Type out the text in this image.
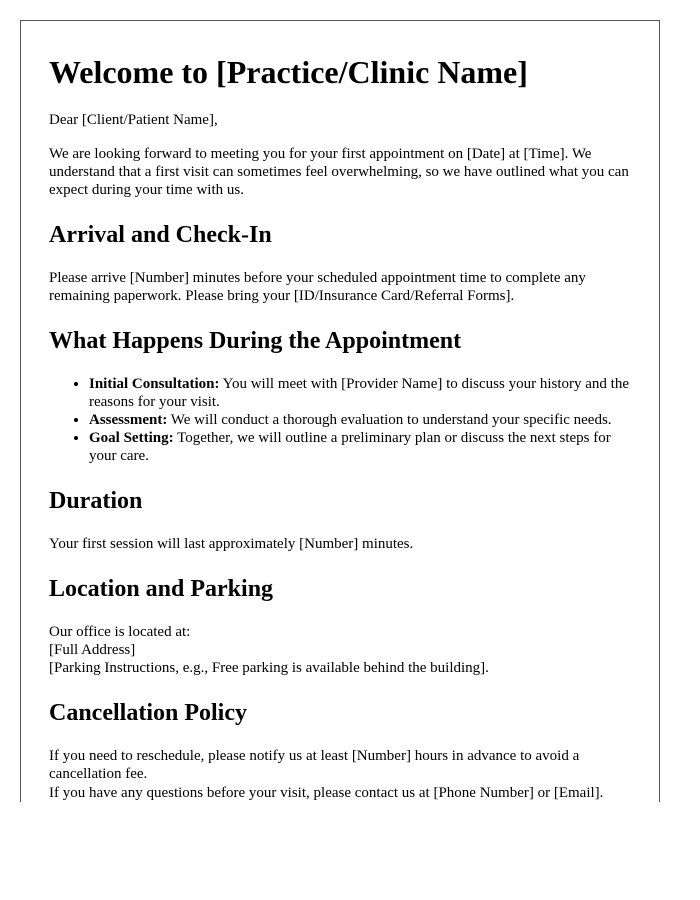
Welcome to [Practice/Clinic Name]

Dear [Client/Patient Name],

We are looking forward to meeting you for your first appointment on [Date] at [Time]. We understand that a first visit can sometimes feel overwhelming, so we have outlined what you can expect during your time with us.

Arrival and Check-In

Please arrive [Number] minutes before your scheduled appointment time to complete any remaining paperwork. Please bring your [ID/Insurance Card/Referral Forms].

What Happens During the Appointment
• Initial Consultation: You will meet with [Provider Name] to discuss your history and the reasons for your visit.
• Assessment: We will conduct a thorough evaluation to understand your specific needs.
• Goal Setting: Together, we will outline a preliminary plan or discuss the next steps for your care.
Duration

Your first session will last approximately [Number] minutes.

Location and Parking

Our office is located at:
[Full Address]
[Parking Instructions, e.g., Free parking is available behind the building].

Cancellation Policy

If you need to reschedule, please notify us at least [Number] hours in advance to avoid a cancellation fee.

If you have any questions before your visit, please contact us at [Phone Number] or [Email].
